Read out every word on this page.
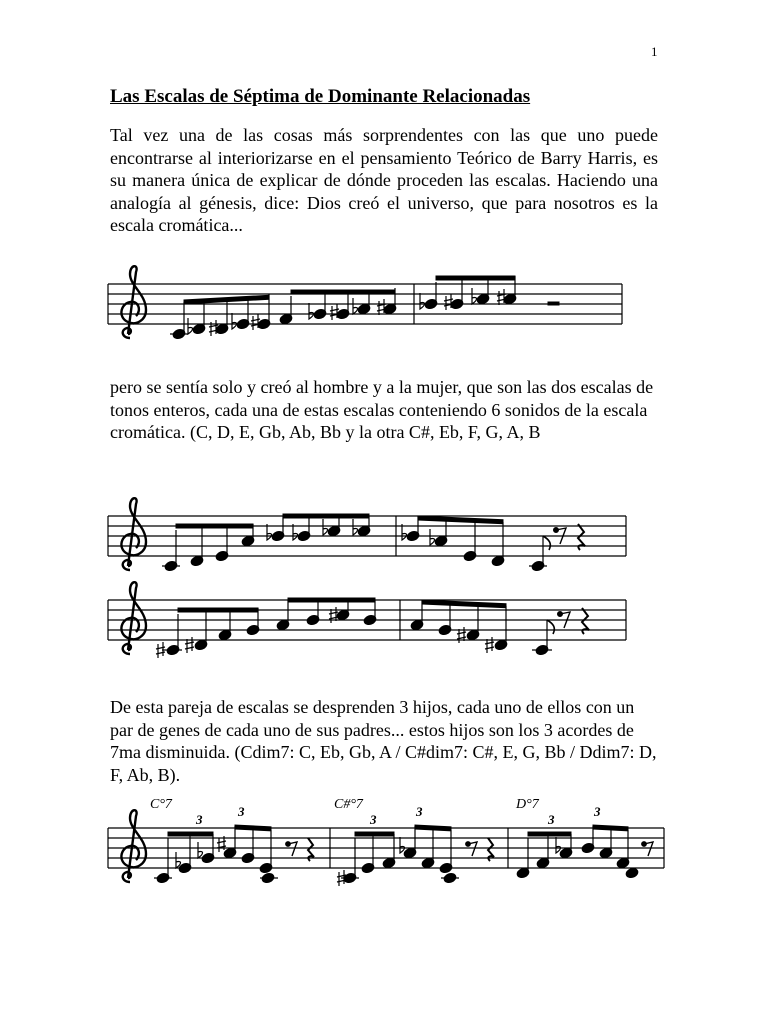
1
Las Escalas de Séptima de Dominante Relacionadas

Tal vez una de las cosas más sorprendentes con las que uno puede encontrarse al interiorizarse en el pensamiento Teórico de Barry Harris, es su manera única de explicar de dónde proceden las escalas. Haciendo una analogía al génesis, dice: Dios creó el universo, que para nosotros es la escala cromática...

pero se sentía solo y creó al hombre y a la mujer, que son las dos escalas de tonos enteros, cada una de estas escalas conteniendo 6 sonidos de la escala cromática. (C, D, E, Gb, Ab, Bb y la otra C#, Eb, F, G, A, B

De esta pareja de escalas se desprenden 3 hijos, cada uno de ellos con un par de genes de cada uno de sus padres... estos hijos son los 3 acordes de 7ma disminuida. (Cdim7: C, Eb, Gb, A / C#dim7: C#, E, G, Bb / Ddim7: D, F, Ab, B).

C°7	C#°7	D°7
3
3
3
3
3
3
